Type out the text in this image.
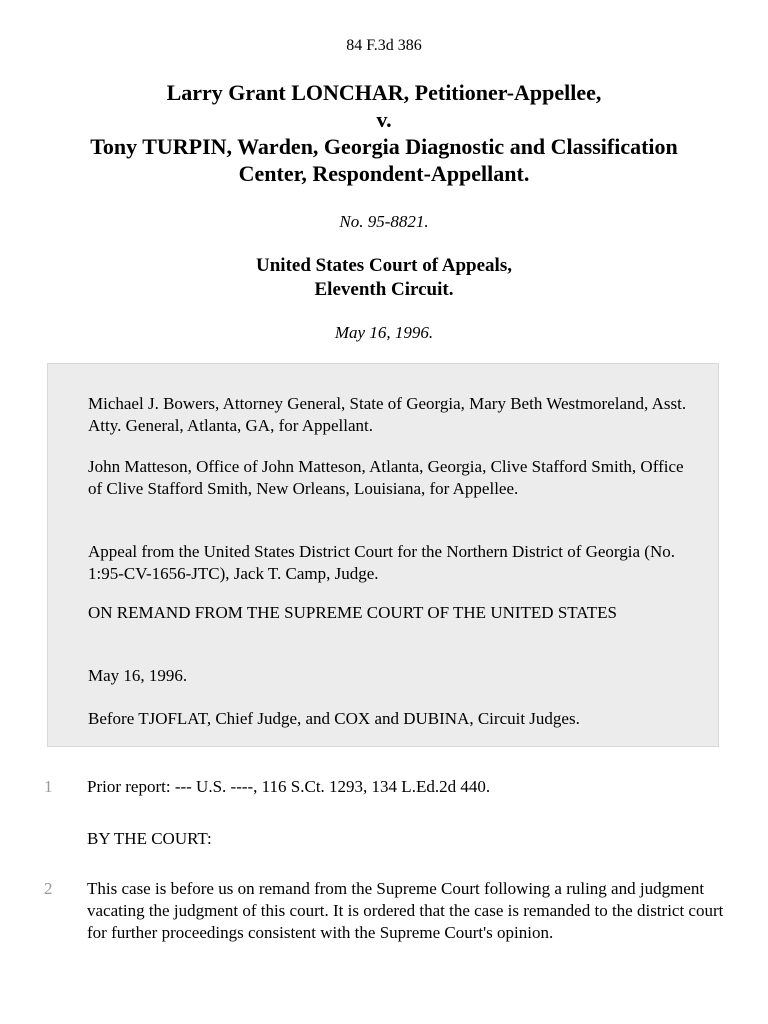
84 F.3d 386
Larry Grant LONCHAR, Petitioner-Appellee,
v.
Tony TURPIN, Warden, Georgia Diagnostic and Classification
Center, Respondent-Appellant.
No. 95-8821.
United States Court of Appeals,
Eleventh Circuit.
May 16, 1996.

Michael J. Bowers, Attorney General, State of Georgia, Mary Beth Westmoreland, Asst. Atty. General, Atlanta, GA, for Appellant.

John Matteson, Office of John Matteson, Atlanta, Georgia, Clive Stafford Smith, Office of Clive Stafford Smith, New Orleans, Louisiana, for Appellee.

Appeal from the United States District Court for the Northern District of Georgia (No. 1:95-CV-1656-JTC), Jack T. Camp, Judge.

ON REMAND FROM THE SUPREME COURT OF THE UNITED STATES

May 16, 1996.

Before TJOFLAT, Chief Judge, and COX and DUBINA, Circuit Judges.

1 Prior report: --- U.S. ----, 116 S.Ct. 1293, 134 L.Ed.2d 440.

BY THE COURT:
2 This case is before us on remand from the Supreme Court following a ruling and judgment vacating the judgment of this court. It is ordered that the case is remanded to the district court for further proceedings consistent with the Supreme Court's opinion.
